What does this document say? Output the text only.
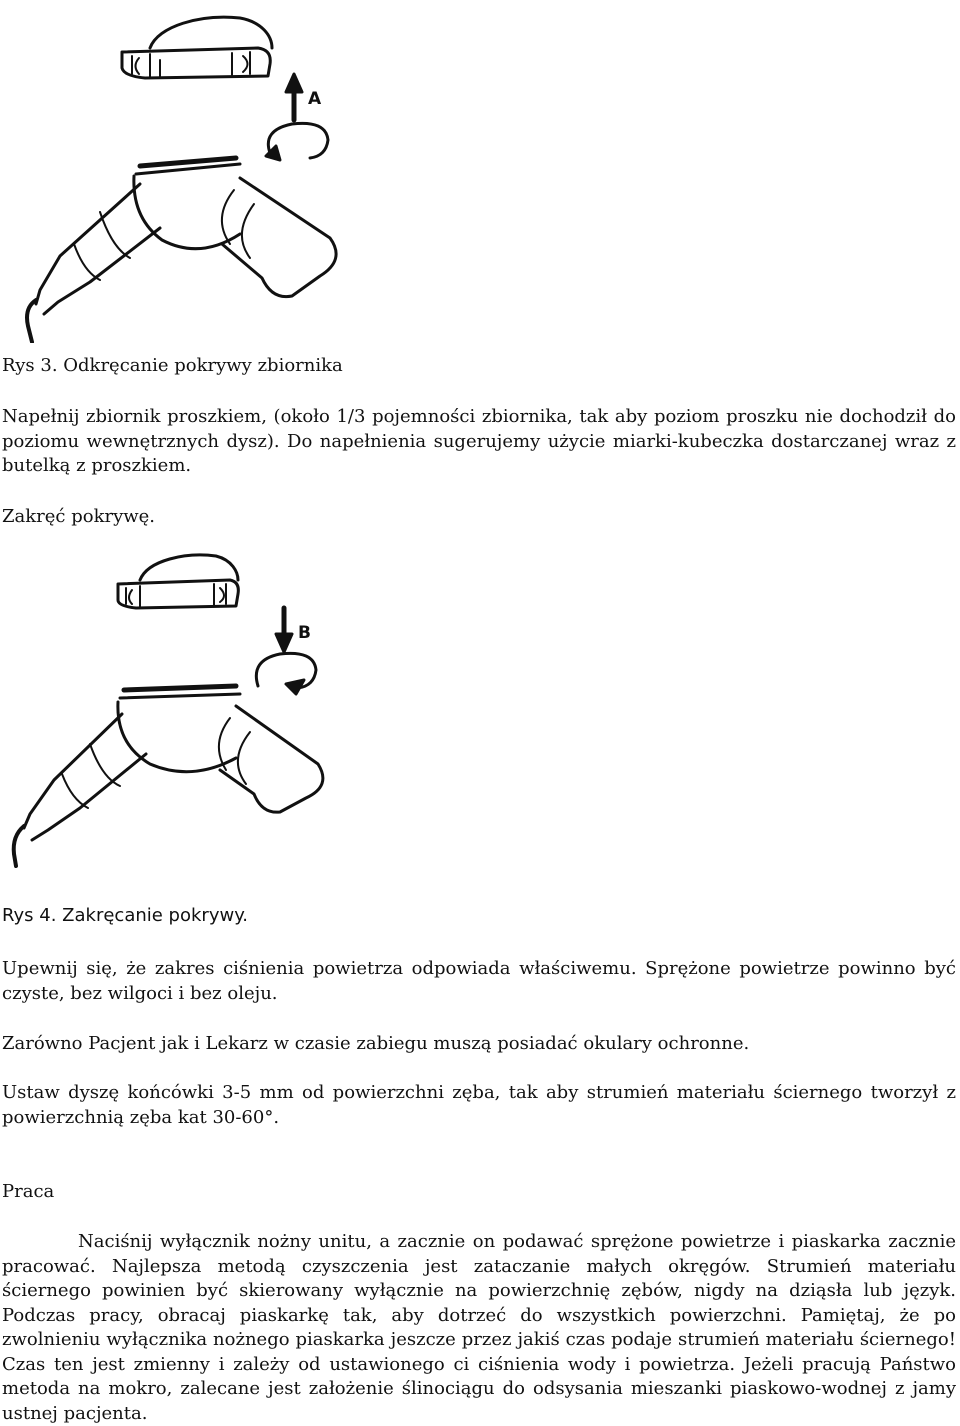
A
Rys 3. Odkręcanie pokrywy zbiornika

Napełnij zbiornik proszkiem, (około 1/3 pojemności zbiornika, tak aby poziom proszku nie dochodził do poziomu wewnętrznych dysz). Do napełnienia sugerujemy użycie miarki-kubeczka dostarczanej wraz z butelką z proszkiem.

Zakręć pokrywę.

B
Rys 4. Zakręcanie pokrywy.

Upewnij się, że zakres ciśnienia powietrza odpowiada właściwemu. Sprężone powietrze powinno być czyste, bez wilgoci i bez oleju.

Zarówno Pacjent jak i Lekarz w czasie zabiegu muszą posiadać okulary ochronne.

Ustaw dyszę końcówki 3-5 mm od powierzchni zęba, tak aby strumień materiału ściernego tworzył z powierzchnią zęba kat 30-60°.

Praca

Naciśnij wyłącznik nożny unitu, a zacznie on podawać sprężone powietrze i piaskarka zacznie pracować. Najlepsza metodą czyszczenia jest zataczanie małych okręgów. Strumień materiału ściernego powinien być skierowany wyłącznie na powierzchnię zębów, nigdy na dziąsła lub język. Podczas pracy, obracaj piaskarkę tak, aby dotrzeć do wszystkich powierzchni. Pamiętaj, że po zwolnieniu wyłącznika nożnego piaskarka jeszcze przez jakiś czas podaje strumień materiału ściernego! Czas ten jest zmienny i zależy od ustawionego ci ciśnienia wody i powietrza. Jeżeli pracują Państwo metoda na mokro, zalecane jest założenie ślinociągu do odsysania mieszanki piaskowo-wodnej z jamy ustnej pacjenta.
